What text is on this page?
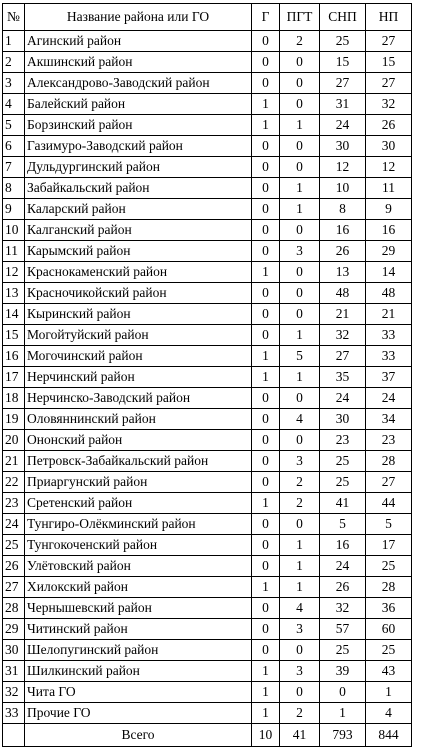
№	Название района или ГО	Г	ПГТ	СНП	НП
1	Агинский район	0	2	25	27
2	Акшинский район	0	0	15	15
3	Александрово-Заводский район	0	0	27	27
4	Балейский район	1	0	31	32
5	Борзинский район	1	1	24	26
6	Газимуро-Заводский район	0	0	30	30
7	Дульдургинский район	0	0	12	12
8	Забайкальский район	0	1	10	11
9	Каларский район	0	1	8	9
10	Калганский район	0	0	16	16
11	Карымский район	0	3	26	29
12	Краснокаменский район	1	0	13	14
13	Красночикойский район	0	0	48	48
14	Кыринский район	0	0	21	21
15	Могойтуйский район	0	1	32	33
16	Могочинский район	1	5	27	33
17	Нерчинский район	1	1	35	37
18	Нерчинско-Заводский район	0	0	24	24
19	Оловяннинский район	0	4	30	34
20	Ононский район	0	0	23	23
21	Петровск-Забайкальский район	0	3	25	28
22	Приаргунский район	0	2	25	27
23	Сретенский район	1	2	41	44
24	Тунгиро-Олёкминский район	0	0	5	5
25	Тунгокоченский район	0	1	16	17
26	Улётовский район	0	1	24	25
27	Хилокский район	1	1	26	28
28	Чернышевский район	0	4	32	36
29	Читинский район	0	3	57	60
30	Шелопугинский район	0	0	25	25
31	Шилкинский район	1	3	39	43
32	Чита ГО	1	0	0	1
33	Прочие ГО	1	2	1	4
	Всего	10	41	793	844
